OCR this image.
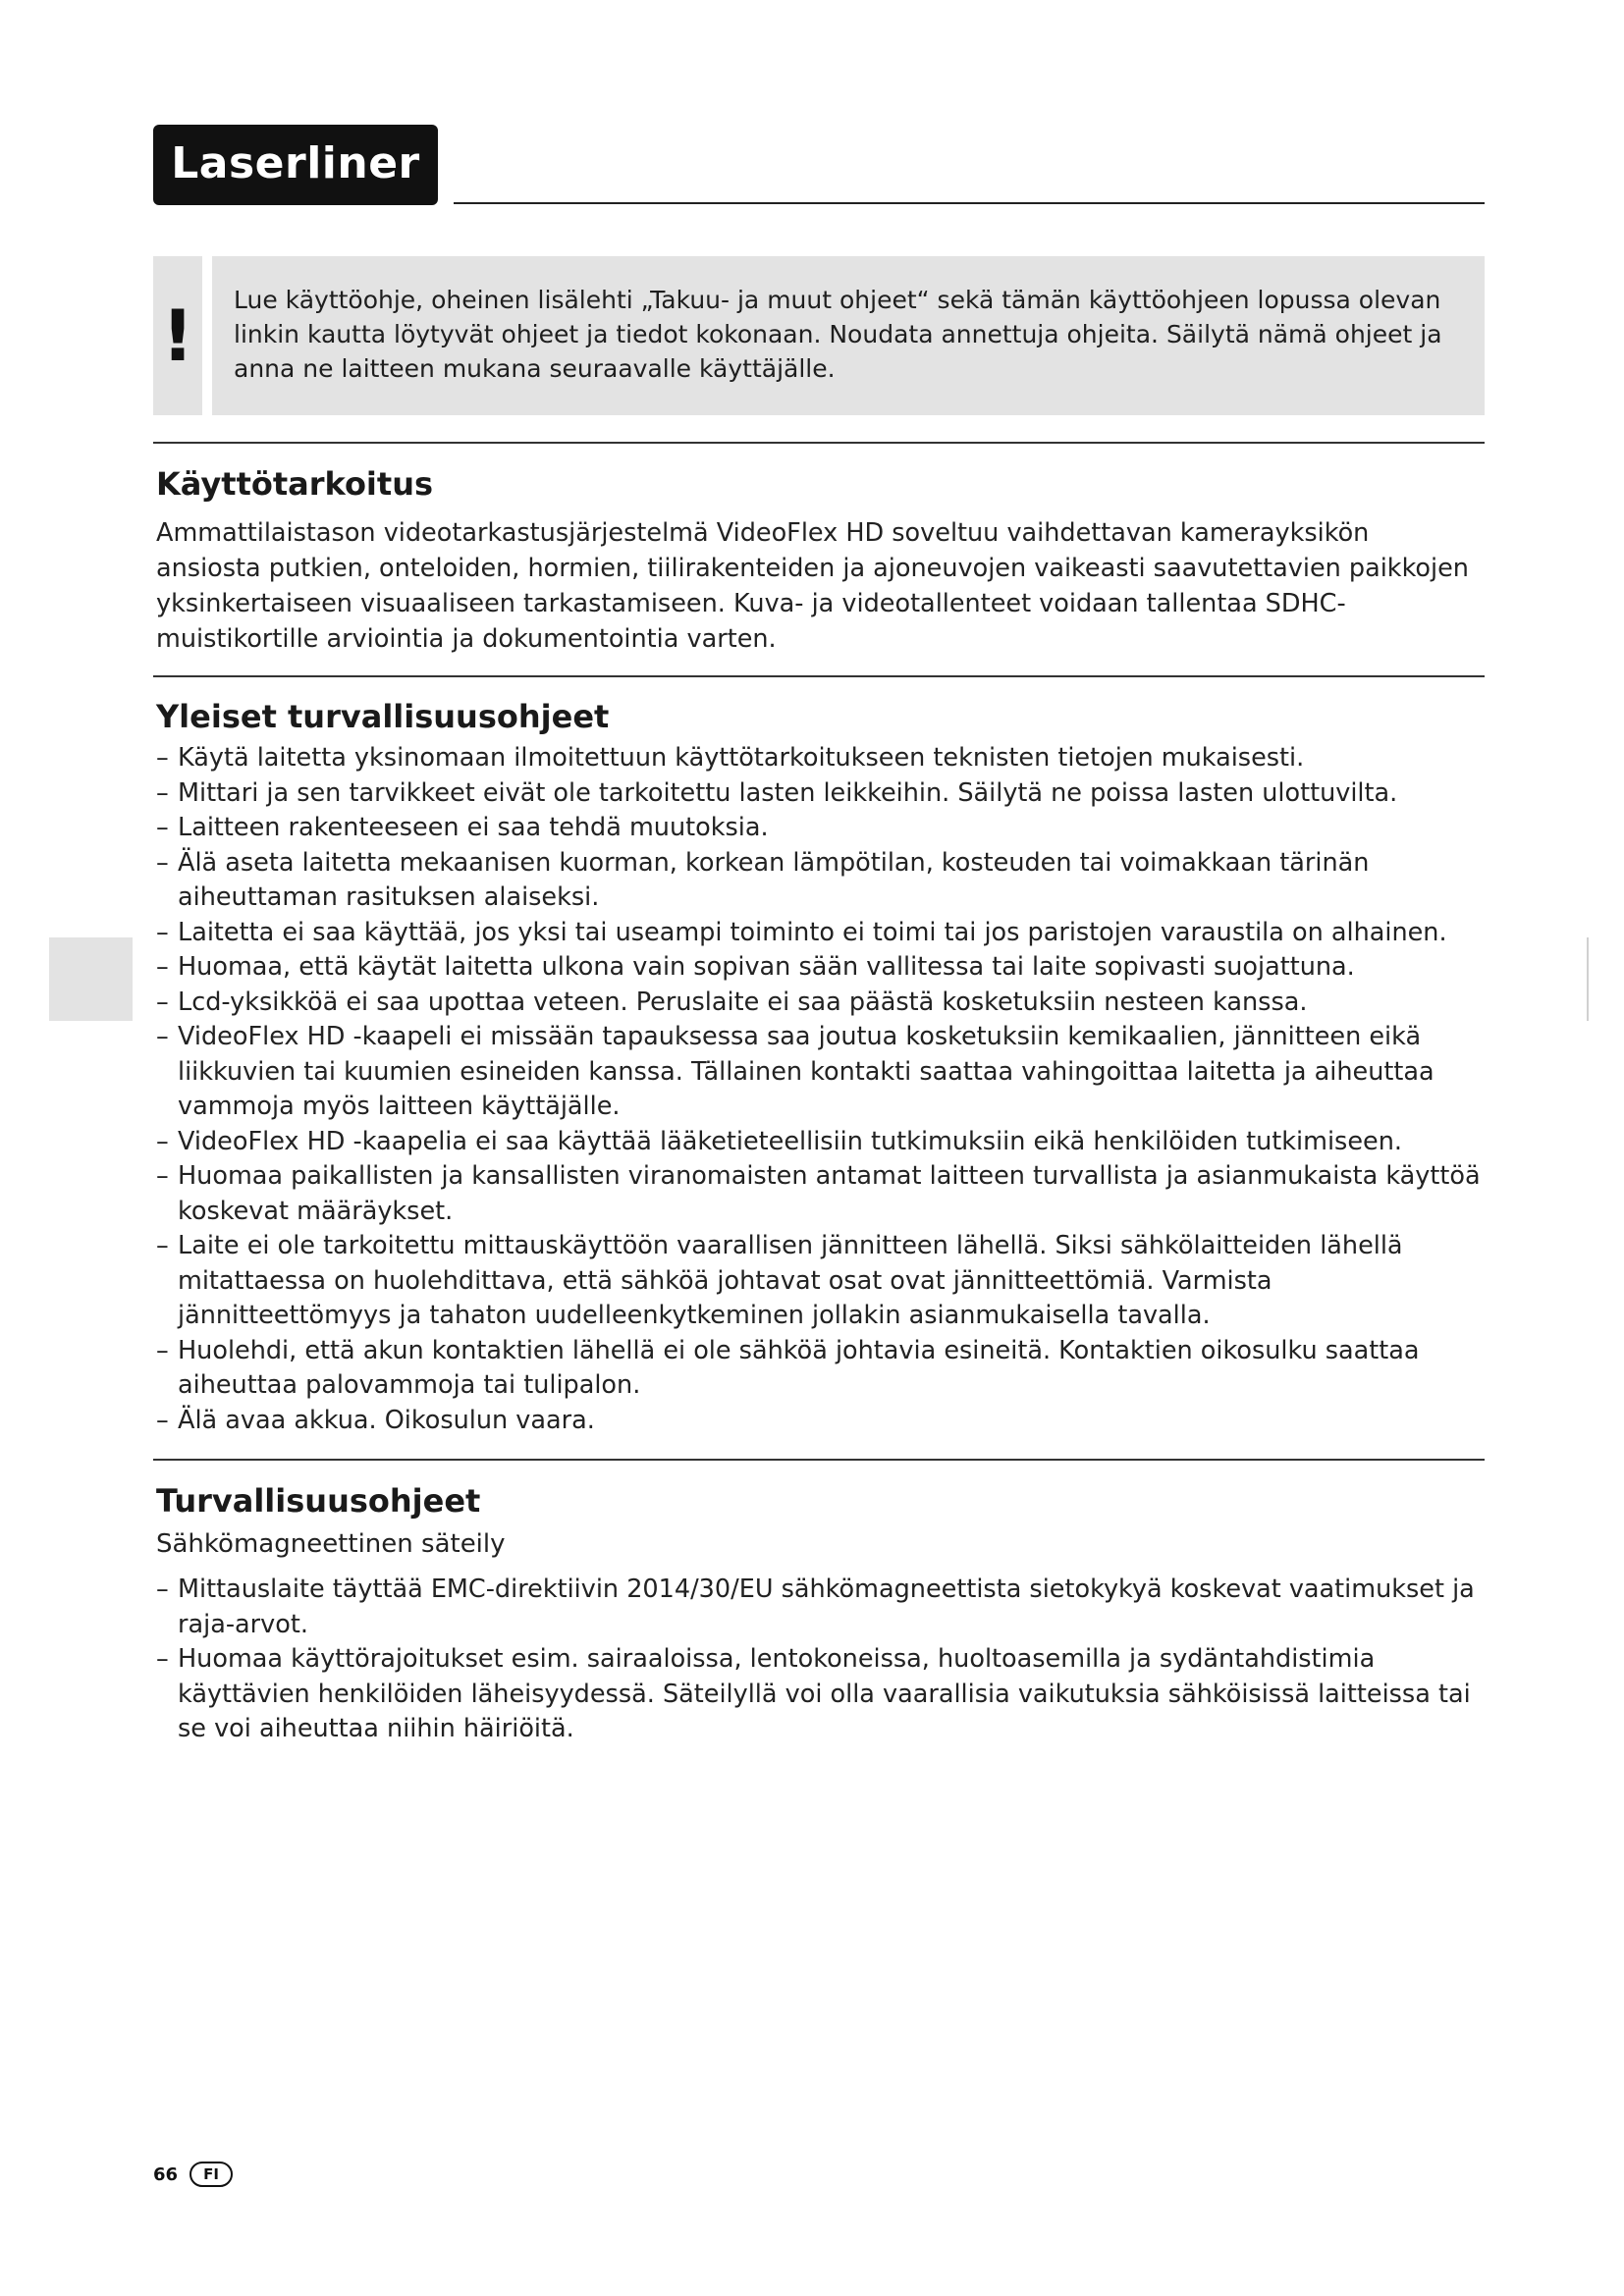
Laserliner
!	Lue käyttöohje, oheinen lisälehti „Takuu- ja muut ohjeet“ sekä tämän käyttöohjeen lopussa olevan linkin kautta löytyvät ohjeet ja tiedot kokonaan. Noudata annettuja ohjeita. Säilytä nämä ohjeet ja anna ne laitteen mukana seuraavalle käyttäjälle.
Käyttötarkoitus

Ammattilaistason videotarkastusjärjestelmä VideoFlex HD soveltuu vaihdettavan kamerayksikön ansiosta putkien, onteloiden, hormien, tiilirakenteiden ja ajoneuvojen vaikeasti saavutettavien paikkojen yksinkertaiseen visuaaliseen tarkastamiseen. Kuva- ja videotallenteet voidaan tallentaa SDHC-muistikortille arviointia ja dokumentointia varten.

Yleiset turvallisuusohjeet
– Käytä laitetta yksinomaan ilmoitettuun käyttötarkoitukseen teknisten tietojen mukaisesti.
– Mittari ja sen tarvikkeet eivät ole tarkoitettu lasten leikkeihin. Säilytä ne poissa lasten ulottuvilta.
– Laitteen rakenteeseen ei saa tehdä muutoksia.
– Älä aseta laitetta mekaanisen kuorman, korkean lämpötilan, kosteuden tai voimakkaan tärinän aiheuttaman rasituksen alaiseksi.
– Laitetta ei saa käyttää, jos yksi tai useampi toiminto ei toimi tai jos paristojen varaustila on alhainen.
– Huomaa, että käytät laitetta ulkona vain sopivan sään vallitessa tai laite sopivasti suojattuna.
– Lcd-yksikköä ei saa upottaa veteen. Peruslaite ei saa päästä kosketuksiin nesteen kanssa.
– VideoFlex HD -kaapeli ei missään tapauksessa saa joutua kosketuksiin kemikaalien, jännitteen eikä liikkuvien tai kuumien esineiden kanssa. Tällainen kontakti saattaa vahingoittaa laitetta ja aiheuttaa vammoja myös laitteen käyttäjälle.
– VideoFlex HD -kaapelia ei saa käyttää lääketieteellisiin tutkimuksiin eikä henkilöiden tutkimiseen.
– Huomaa paikallisten ja kansallisten viranomaisten antamat laitteen turvallista ja asianmukaista käyttöä koskevat määräykset.
– Laite ei ole tarkoitettu mittauskäyttöön vaarallisen jännitteen lähellä. Siksi sähkölaitteiden lähellä mitattaessa on huolehdittava, että sähköä johtavat osat ovat jännitteettömiä. Varmista jännitteettömyys ja tahaton uudelleenkytkeminen jollakin asianmukaisella tavalla.
– Huolehdi, että akun kontaktien lähellä ei ole sähköä johtavia esineitä. Kontaktien oikosulku saattaa aiheuttaa palovammoja tai tulipalon.
– Älä avaa akkua. Oikosulun vaara.
Turvallisuusohjeet

Sähkömagneettinen säteily

– Mittauslaite täyttää EMC-direktiivin 2014/30/EU sähkömagneettista sietokykyä koskevat vaatimukset ja raja-arvot.
– Huomaa käyttörajoitukset esim. sairaaloissa, lentokoneissa, huoltoasemilla ja sydäntahdistimia käyttävien henkilöiden läheisyydessä. Säteilyllä voi olla vaarallisia vaikutuksia sähköisissä laitteissa tai se voi aiheuttaa niihin häiriöitä.
66	FI
